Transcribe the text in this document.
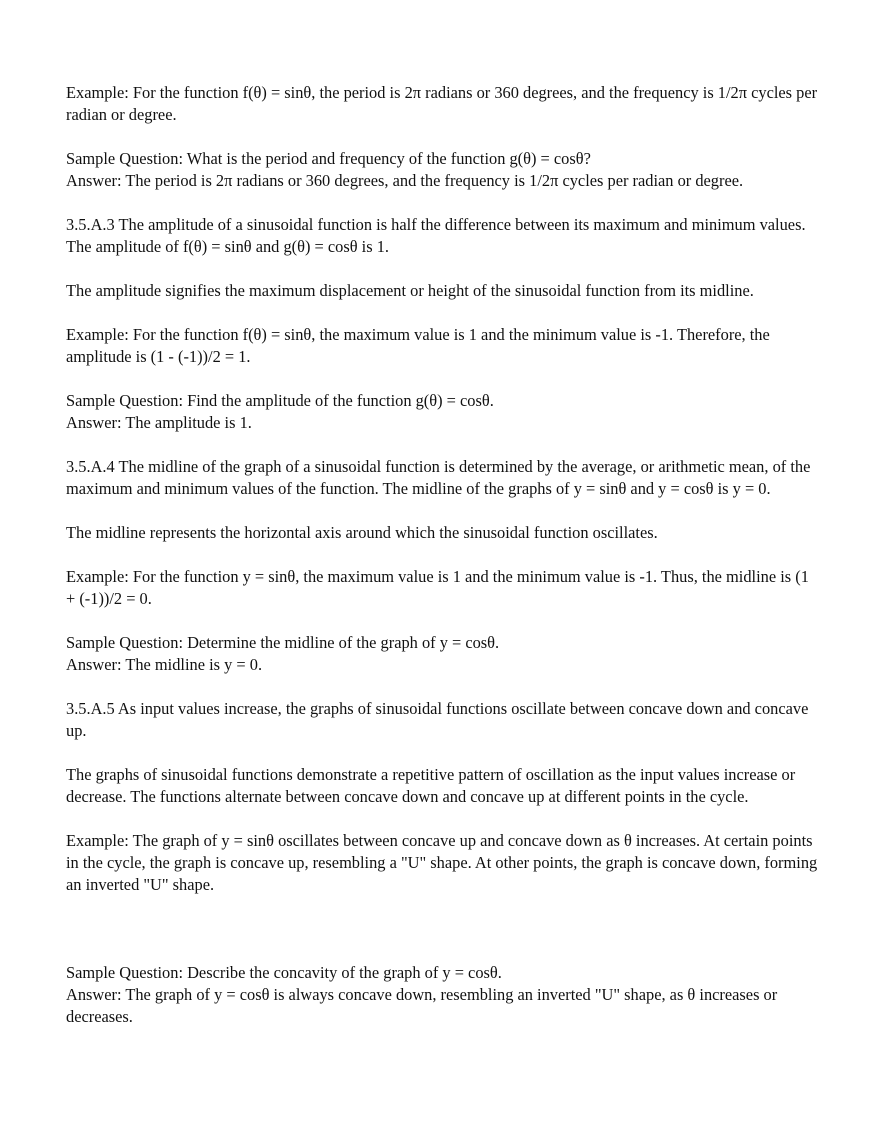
Example: For the function f(θ) = sinθ, the period is 2π radians or 360 degrees, and the frequency is 1/2π cycles per radian or degree.

Sample Question: What is the period and frequency of the function g(θ) = cosθ?
Answer: The period is 2π radians or 360 degrees, and the frequency is 1/2π cycles per radian or degree.

3.5.A.3 The amplitude of a sinusoidal function is half the difference between its maximum and minimum values. The amplitude of f(θ) = sinθ and g(θ) = cosθ is 1.

The amplitude signifies the maximum displacement or height of the sinusoidal function from its midline.

Example: For the function f(θ) = sinθ, the maximum value is 1 and the minimum value is -1. Therefore, the amplitude is (1 - (-1))/2 = 1.

Sample Question: Find the amplitude of the function g(θ) = cosθ.
Answer: The amplitude is 1.

3.5.A.4 The midline of the graph of a sinusoidal function is determined by the average, or arithmetic mean, of the maximum and minimum values of the function. The midline of the graphs of y = sinθ and y = cosθ is y = 0.

The midline represents the horizontal axis around which the sinusoidal function oscillates.

Example: For the function y = sinθ, the maximum value is 1 and the minimum value is -1. Thus, the midline is (1 + (-1))/2 = 0.

Sample Question: Determine the midline of the graph of y = cosθ.
Answer: The midline is y = 0.

3.5.A.5 As input values increase, the graphs of sinusoidal functions oscillate between concave down and concave up.

The graphs of sinusoidal functions demonstrate a repetitive pattern of oscillation as the input values increase or decrease. The functions alternate between concave down and concave up at different points in the cycle.

Example: The graph of y = sinθ oscillates between concave up and concave down as θ increases. At certain points in the cycle, the graph is concave up, resembling a "U" shape. At other points, the graph is concave down, forming an inverted "U" shape.

Sample Question: Describe the concavity of the graph of y = cosθ.
Answer: The graph of y = cosθ is always concave down, resembling an inverted "U" shape, as θ increases or decreases.
